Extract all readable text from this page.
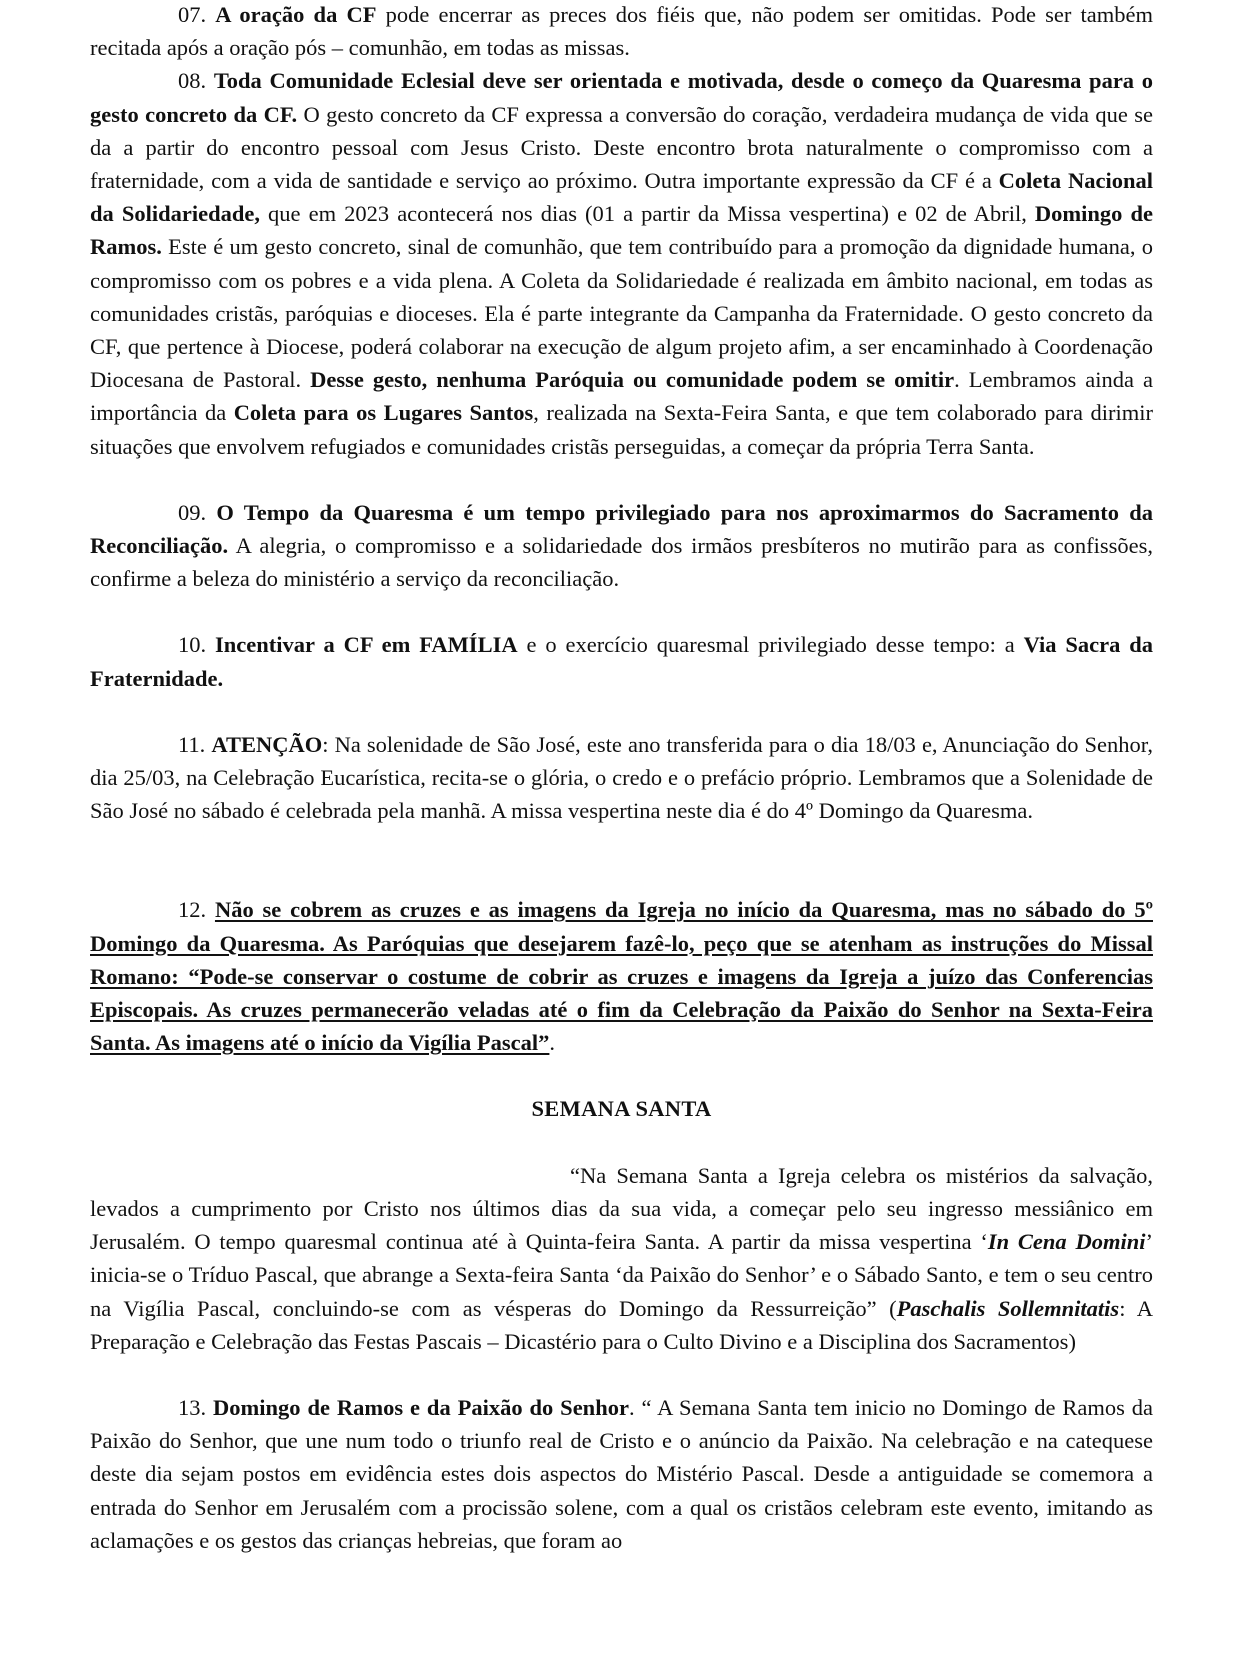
07. A oração da CF pode encerrar as preces dos fiéis que, não podem ser omitidas. Pode ser também recitada após a oração pós – comunhão, em todas as missas.

08. Toda Comunidade Eclesial deve ser orientada e motivada, desde o começo da Quaresma para o gesto concreto da CF. O gesto concreto da CF expressa a conversão do coração, verdadeira mudança de vida que se da a partir do encontro pessoal com Jesus Cristo. Deste encontro brota naturalmente o compromisso com a fraternidade, com a vida de santidade e serviço ao próximo. Outra importante expressão da CF é a Coleta Nacional da Solidariedade, que em 2023 acontecerá nos dias (01 a partir da Missa vespertina) e 02 de Abril, Domingo de Ramos. Este é um gesto concreto, sinal de comunhão, que tem contribuído para a promoção da dignidade humana, o compromisso com os pobres e a vida plena. A Coleta da Solidariedade é realizada em âmbito nacional, em todas as comunidades cristãs, paróquias e dioceses. Ela é parte integrante da Campanha da Fraternidade. O gesto concreto da CF, que pertence à Diocese, poderá colaborar na execução de algum projeto afim, a ser encaminhado à Coordenação Diocesana de Pastoral. Desse gesto, nenhuma Paróquia ou comunidade podem se omitir. Lembramos ainda a importância da Coleta para os Lugares Santos, realizada na Sexta-Feira Santa, e que tem colaborado para dirimir situações que envolvem refugiados e comunidades cristãs perseguidas, a começar da própria Terra Santa.

09. O Tempo da Quaresma é um tempo privilegiado para nos aproximarmos do Sacramento da Reconciliação. A alegria, o compromisso e a solidariedade dos irmãos presbíteros no mutirão para as confissões, confirme a beleza do ministério a serviço da reconciliação.

10. Incentivar a CF em FAMÍLIA e o exercício quaresmal privilegiado desse tempo: a Via Sacra da Fraternidade.

11. ATENÇÃO: Na solenidade de São José, este ano transferida para o dia 18/03 e, Anunciação do Senhor, dia 25/03, na Celebração Eucarística, recita-se o glória, o credo e o prefácio próprio. Lembramos que a Solenidade de São José no sábado é celebrada pela manhã. A missa vespertina neste dia é do 4º Domingo da Quaresma.

12. Não se cobrem as cruzes e as imagens da Igreja no início da Quaresma, mas no sábado do 5º Domingo da Quaresma. As Paróquias que desejarem fazê-lo, peço que se atenham as instruções do Missal Romano: “Pode-se conservar o costume de cobrir as cruzes e imagens da Igreja a juízo das Conferencias Episcopais. As cruzes permanecerão veladas até o fim da Celebração da Paixão do Senhor na Sexta-Feira Santa. As imagens até o início da Vigília Pascal”.

SEMANA SANTA

“Na Semana Santa a Igreja celebra os mistérios da salvação, levados a cumprimento por Cristo nos últimos dias da sua vida, a começar pelo seu ingresso messiânico em Jerusalém. O tempo quaresmal continua até à Quinta-feira Santa. A partir da missa vespertina ‘In Cena Domini’ inicia-se o Tríduo Pascal, que abrange a Sexta-feira Santa ‘da Paixão do Senhor’ e o Sábado Santo, e tem o seu centro na Vigília Pascal, concluindo-se com as vésperas do Domingo da Ressurreição” (Paschalis Sollemnitatis: A Preparação e Celebração das Festas Pascais – Dicastério para o Culto Divino e a Disciplina dos Sacramentos)

13. Domingo de Ramos e da Paixão do Senhor. “ A Semana Santa tem inicio no Domingo de Ramos da Paixão do Senhor, que une num todo o triunfo real de Cristo e o anúncio da Paixão. Na celebração e na catequese deste dia sejam postos em evidência estes dois aspectos do Mistério Pascal. Desde a antiguidade se comemora a entrada do Senhor em Jerusalém com a procissão solene, com a qual os cristãos celebram este evento, imitando as aclamações e os gestos das crianças hebreias, que foram ao
